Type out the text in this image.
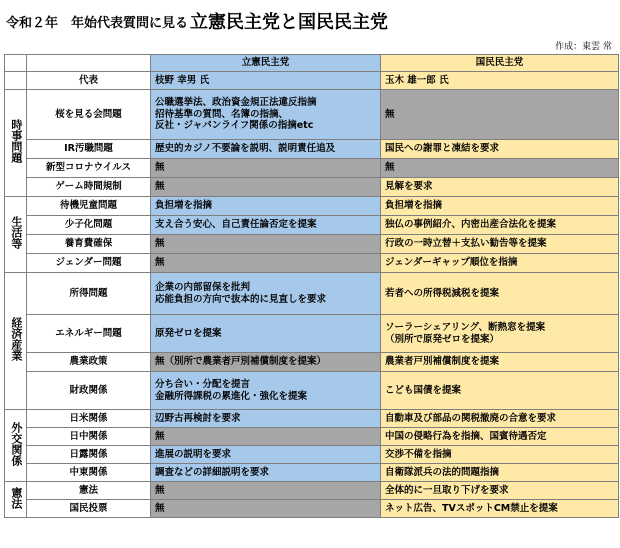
令和２年　年始代表質問に見る 立憲民主党と国民民主党
作成：東雲 常
		立憲民主党	国民民主党
	代表	枝野 幸男 氏	玉木 雄一郎 氏
時事問題	桜を見る会問題	公職選挙法、政治資金規正法違反指摘
招待基準の質問、名簿の指摘、
反社・ジャパンライフ関係の指摘etc	無
	IR汚職問題	歴史的カジノ不要論を説明、説明責任追及	国民への謝罪と凍結を要求
	新型コロナウイルス	無	無
	ゲーム時間規制	無	見解を要求
生活等	待機児童問題	負担増を指摘	負担増を指摘
	少子化問題	支え合う安心、自己責任論否定を提案	独仏の事例紹介、内密出産合法化を提案
	養育費確保	無	行政の一時立替＋支払い勧告等を提案
	ジェンダー問題	無	ジェンダーギャップ順位を指摘
経済産業	所得問題	企業の内部留保を批判
応能負担の方向で抜本的に見直しを要求	若者への所得税減税を提案
	エネルギー問題	原発ゼロを提案	ソーラーシェアリング、断熱窓を提案
（別所で原発ゼロを提案）

	農業政策	無（別所で農業者戸別補償制度を提案）	農業者戸別補償制度を提案
	財政関係	分ち合い・分配を提言
金融所得課税の累進化・強化を提案	こども国債を提案
外交関係	日米関係	辺野古再検討を要求	自動車及び部品の関税撤廃の合意を要求
	日中関係	無	中国の侵略行為を指摘、国賓待遇否定
	日露関係	進展の説明を要求	交渉不備を指摘
	中東関係	調査などの詳細説明を要求	自衛隊派兵の法的問題指摘
憲法	憲法	無	全体的に一旦取り下げを要求
	国民投票	無	ネット広告、TVスポットCM禁止を提案
